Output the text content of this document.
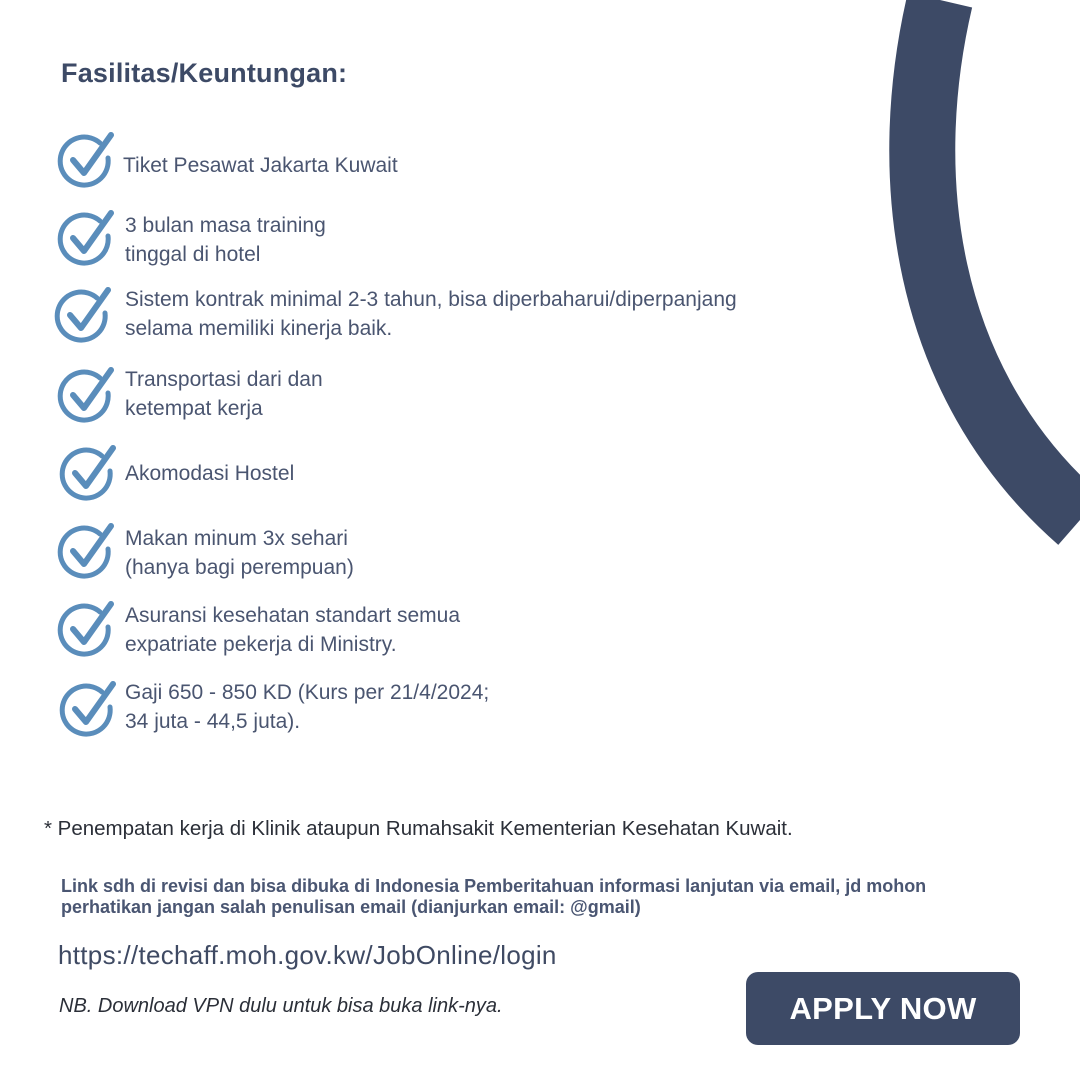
Fasilitas/Keuntungan:
Tiket Pesawat Jakarta Kuwait
3 bulan masa training
tinggal di hotel
Sistem kontrak minimal 2-3 tahun, bisa diperbaharui/diperpanjang
selama memiliki kinerja baik.
Transportasi dari dan
ketempat kerja
Akomodasi Hostel
Makan minum 3x sehari
(hanya bagi perempuan)
Asuransi kesehatan standart semua
expatriate pekerja di Ministry.
Gaji 650 - 850 KD (Kurs per 21/4/2024;
34 juta - 44,5 juta).
* Penempatan kerja di Klinik ataupun Rumahsakit Kementerian Kesehatan Kuwait.
Link sdh di revisi dan bisa dibuka di Indonesia Pemberitahuan informasi lanjutan via email, jd mohon perhatikan jangan salah penulisan email (dianjurkan email: @gmail)
https://techaff.moh.gov.kw/JobOnline/login
NB. Download VPN dulu untuk bisa buka link-nya.	APPLY NOW
